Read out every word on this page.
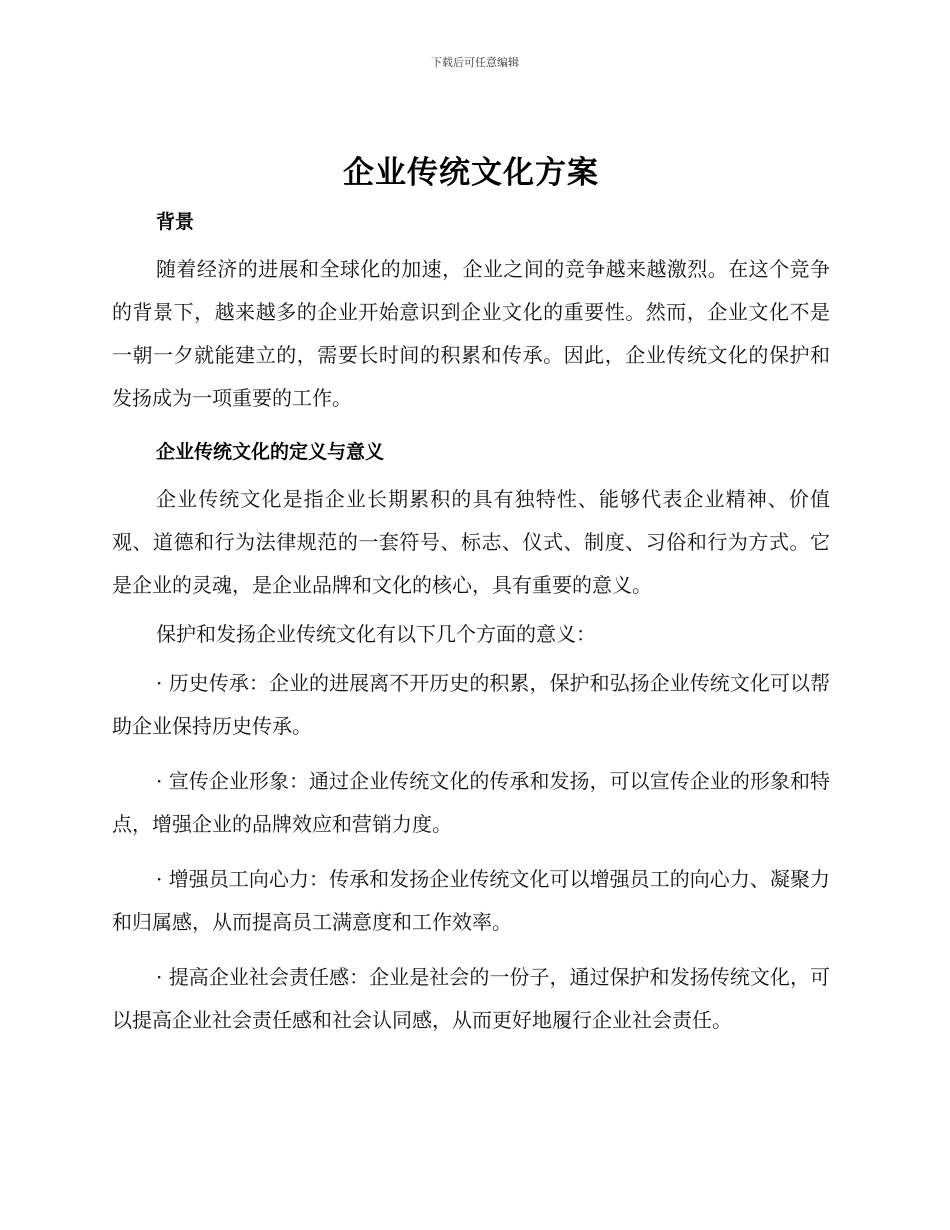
下载后可任意编辑
企业传统文化方案
背景

随着经济的进展和全球化的加速，企业之间的竞争越来越激烈。在这个竞争的背景下，越来越多的企业开始意识到企业文化的重要性。然而，企业文化不是一朝一夕就能建立的，需要长时间的积累和传承。因此，企业传统文化的保护和发扬成为一项重要的工作。

企业传统文化的定义与意义

企业传统文化是指企业长期累积的具有独特性、能够代表企业精神、价值观、道德和行为法律规范的一套符号、标志、仪式、制度、习俗和行为方式。它是企业的灵魂，是企业品牌和文化的核心，具有重要的意义。

保护和发扬企业传统文化有以下几个方面的意义：

· 历史传承：企业的进展离不开历史的积累，保护和弘扬企业传统文化可以帮助企业保持历史传承。

· 宣传企业形象：通过企业传统文化的传承和发扬，可以宣传企业的形象和特点，增强企业的品牌效应和营销力度。

· 增强员工向心力：传承和发扬企业传统文化可以增强员工的向心力、凝聚力和归属感，从而提高员工满意度和工作效率。

· 提高企业社会责任感：企业是社会的一份子，通过保护和发扬传统文化，可以提高企业社会责任感和社会认同感，从而更好地履行企业社会责任。
